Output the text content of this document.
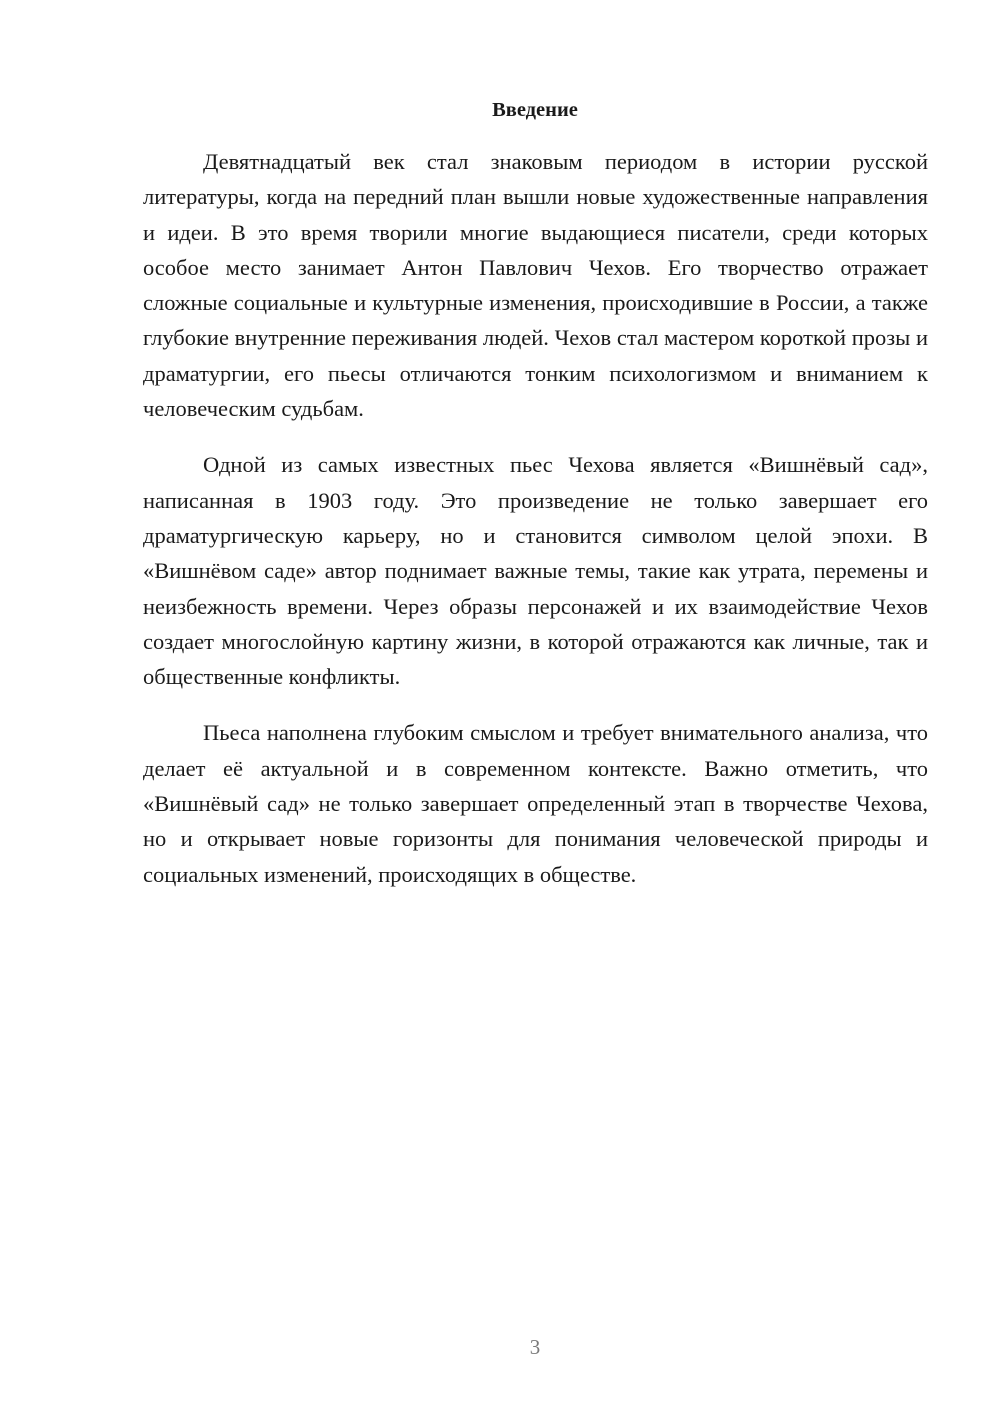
Введение

Девятнадцатый век стал знаковым периодом в истории русской литературы, когда на передний план вышли новые художественные направления и идеи. В это время творили многие выдающиеся писатели, среди которых особое место занимает Антон Павлович Чехов. Его творчество отражает сложные социальные и культурные изменения, происходившие в России, а также глубокие внутренние переживания людей. Чехов стал мастером короткой прозы и драматургии, его пьесы отличаются тонким психологизмом и вниманием к человеческим судьбам.

Одной из самых известных пьес Чехова является «Вишнёвый сад», написанная в 1903 году. Это произведение не только завершает его драматургическую карьеру, но и становится символом целой эпохи. В «Вишнёвом саде» автор поднимает важные темы, такие как утрата, перемены и неизбежность времени. Через образы персонажей и их взаимодействие Чехов создает многослойную картину жизни, в которой отражаются как личные, так и общественные конфликты.

Пьеса наполнена глубоким смыслом и требует внимательного анализа, что делает её актуальной и в современном контексте. Важно отметить, что «Вишнёвый сад» не только завершает определенный этап в творчестве Чехова, но и открывает новые горизонты для понимания человеческой природы и социальных изменений, происходящих в обществе.

3
